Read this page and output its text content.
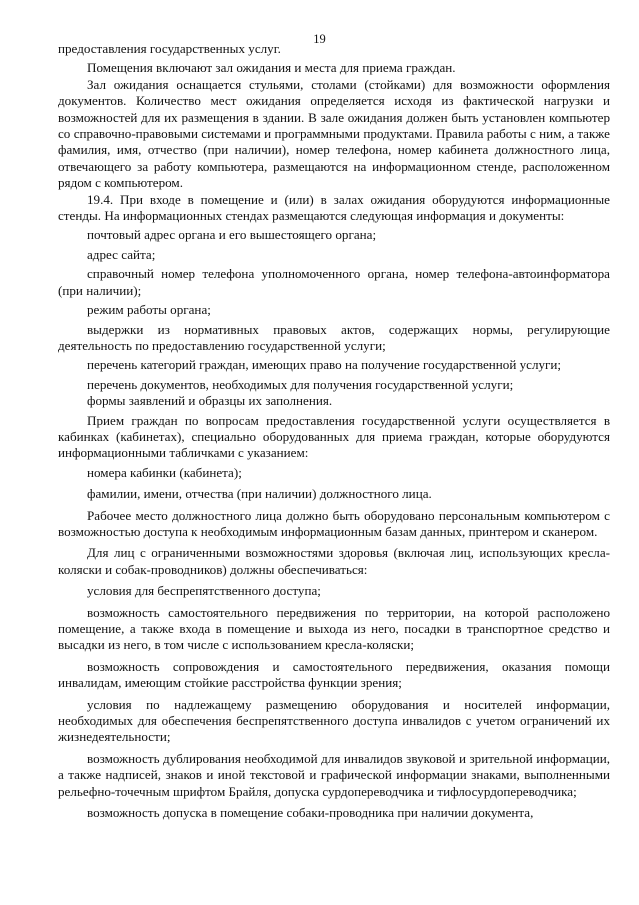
19

предоставления государственных услуг.

Помещения включают зал ожидания и места для приема граждан.

Зал ожидания оснащается стульями, столами (стойками) для возможности оформления документов. Количество мест ожидания определяется исходя из фактической нагрузки и возможностей для их размещения в здании. В зале ожидания должен быть установлен компьютер со справочно-правовыми системами и программными продуктами. Правила работы с ним, а также фамилия, имя, отчество (при наличии), номер телефона, номер кабинета должностного лица, отвечающего за работу компьютера, размещаются на информационном стенде, расположенном рядом с компьютером.

19.4. При входе в помещение и (или) в залах ожидания оборудуются информационные стенды. На информационных стендах размещаются следующая информация и документы:

почтовый адрес органа и его вышестоящего органа;

адрес сайта;

справочный номер телефона уполномоченного органа, номер телефона-автоинформатора (при наличии);

режим работы органа;

выдержки из нормативных правовых актов, содержащих нормы, регулирующие деятельность по предоставлению государственной услуги;

перечень категорий граждан, имеющих право на получение государственной услуги;

перечень документов, необходимых для получения государственной услуги;

формы заявлений и образцы их заполнения.

Прием граждан по вопросам предоставления государственной услуги осуществляется в кабинках (кабинетах), специально оборудованных для приема граждан, которые оборудуются информационными табличками с указанием:

номера кабинки (кабинета);

фамилии, имени, отчества (при наличии) должностного лица.

Рабочее место должностного лица должно быть оборудовано персональным компьютером с возможностью доступа к необходимым информационным базам данных, принтером и сканером.

Для лиц с ограниченными возможностями здоровья (включая лиц, использующих кресла-коляски и собак-проводников) должны обеспечиваться:

условия для беспрепятственного доступа;

возможность самостоятельного передвижения по территории, на которой расположено помещение, а также входа в помещение и выхода из него, посадки в транспортное средство и высадки из него, в том числе с использованием кресла-коляски;

возможность сопровождения и самостоятельного передвижения, оказания помощи инвалидам, имеющим стойкие расстройства функции зрения;

условия по надлежащему размещению оборудования и носителей информации, необходимых для обеспечения беспрепятственного доступа инвалидов с учетом ограничений их жизнедеятельности;

возможность дублирования необходимой для инвалидов звуковой и зрительной информации, а также надписей, знаков и иной текстовой и графической информации знаками, выполненными рельефно-точечным шрифтом Брайля, допуска сурдопереводчика и тифлосурдопереводчика;

возможность допуска в помещение собаки-проводника при наличии документа,
